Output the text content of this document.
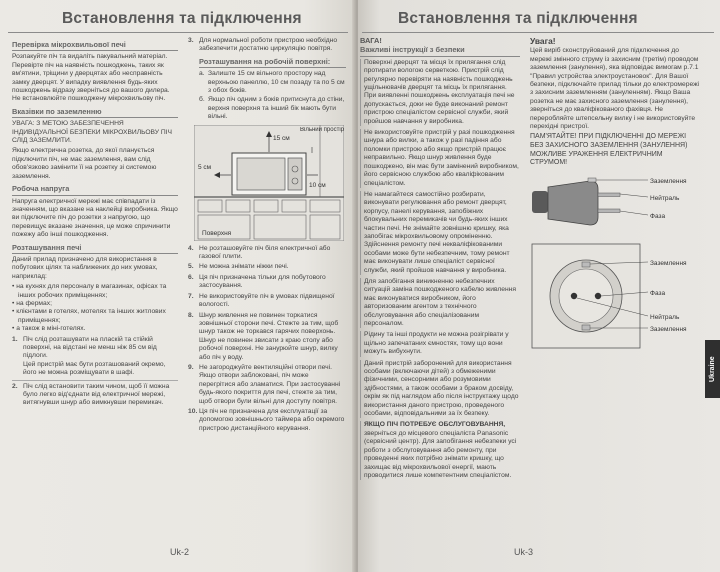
Встановлення та підключення
Перевірка мікрохвильової печі
Розпакуйте піч та видаліть пакувальний матеріал. Перевірте піч на наявність пошкоджень, таких як вм'ятини, тріщини у дверцятах або несправність замку дверцят. У випадку виявлення будь-яких пошкоджень відразу зверніться до вашого дилера. Не встановлюйте пошкоджену мікрохвильову піч.
Вказівки по заземленню
УВАГА: З МЕТОЮ ЗАБЕЗПЕЧЕННЯ ІНДИВІДУАЛЬНОЇ БЕЗПЕКИ МІКРОХВИЛЬОВУ ПІЧ СЛІД ЗАЗЕМЛИТИ.
Якщо електрична розетка, до якої планується підключити піч, не має заземлення, вам слід обов'язково замінити її на розетку зі системою заземлення.
Робоча напруга
Напруга електричної мережі має співпадати із значенням, що вказане на наклейці виробника. Якщо ви підключите піч до розетки з напругою, що перевищує вказане значення, це може спричинити пожежу або інші пошкодження.
Розташування печі
Даний прилад призначено для використання в побутових цілях та наближених до них умовах, наприклад:
• на кухнях для персоналу в магазинах, офісах та інших робочих приміщеннях;
• на фермах;
• клієнтами в готелях, мотелях та інших житлових приміщеннях;
• а також в міні-готелях.
1. Піч слід розташувати на пласкій та стійкій поверхні, на відстані не менш ніж 85 см від підлоги.
Цей пристрій має бути розташований окремо, його не можна розміщувати в шафі.
2. Піч слід встановити таким чином, щоб її можна було легко від'єднати від електричної мережі, витягнувши шнур або вимкнувши перемикач.
3. Для нормальної роботи пристрою необхідно забезпечити достатню циркуляцію повітря.
Розташування на робочій поверхні:
а. Залиште 15 см вільного простору над верхньою панеллю, 10 см позаду та по 5 см з обох боків.
б. Якщо піч одним з боків притиснута до стіни, верхня поверхня та інший бік мають бути вільні.
15 см
5 см
10 см
Вільний простір
Поверхня
4. Не розташовуйте піч біля електричної або газової плити.
5. Не можна знімати ніжки печі.
6. Ця піч призначена тільки для побутового застосування.
7. Не використовуйте піч в умовах підвищеної вологості.
8. Шнур живлення не повинен торкатися зовнішньої сторони печі. Стежте за тим, щоб шнур також не торкався гарячих поверхонь. Шнур не повинен звисати з краю столу або робочої поверхні. Не занурюйте шнур, вилку або піч у воду.
9. Не загороджуйте вентиляційні отвори печі. Якщо отвори заблоковані, піч може перегрітися або зламатися. При застосуванні будь-якого покриття для печі, стежте за тим, щоб отвори були вільні для доступу повітря.
10. Ця піч не призначена для експлуатації за допомогою зовнішнього таймера або окремого пристрою дистанційного керування.
Uk-2
Встановлення та підключення
ВАГА!
Важливі інструкції з безпеки
Поверхні дверцят та місця їх прилягання слід протирати вологою серветкою. Пристрій слід регулярно перевіряти на наявність пошкоджень ущільнювачів дверцят та місць їх прилягання. При виявленні пошкоджень експлуатація печі не допускається, доки не буде виконаний ремонт пристрою спеціалістом сервісної служби, який пройшов навчання у виробника.
Не використовуйте пристрій у разі пошкодження шнура або вилки, а також у разі падіння або поломки пристрою або якщо пристрій працює неправильно. Якщо шнур живлення буде пошкоджено, він має бути замінений виробником, його сервісною службою або кваліфікованим спеціалістом.
Не намагайтеся самостійно розбирати, виконувати регулювання або ремонт дверцят, корпусу, панелі керування, запобіжних блокувальних перемикачів чи будь-яких інших частин печі. Не знімайте зовнішню кришку, яка запобігає мікрохвильовому опроміненню. Здійснення ремонту печі некваліфікованими особами може бути небезпечним, тому ремонт має виконувати лише спеціаліст сервісної служби, який пройшов навчання у виробника.
Для запобігання виникненню небезпечних ситуацій заміна пошкодженого кабелю живлення має виконуватися виробником, його авторизованим агентом з технічного обслуговування або спеціалізованим персоналом.
Рідину та інші продукти не можна розігрівати у щільно запечатаних ємностях, тому що вони можуть вибухнути.
Даний пристрій заборонений для використання особами (включаючи дітей) з обмеженими фізичними, сенсорними або розумовими здібностями, а також особами з браком досвіду, окрім як під наглядом або після інструктажу щодо використання даного пристрою, проведеного особами, відповідальними за їх безпеку.
ЯКЩО ПІЧ ПОТРЕБУЄ ОБСЛУГОВУВАННЯ, зверніться до місцевого спеціаліста Panasonic (сервісний центр). Для запобігання небезпеки усі роботи з обслуговування або ремонту, при проведенні яких потрібно знімати кришку, що захищає від мікрохвильової енергії, мають проводитися лише компетентним спеціалістом.
Увага!
Цей виріб сконструйований для підключення до мережі змінного струму із захисним (третім) проводом заземлення (занулення), яка відповідає вимогам р.7.1 "Правил устройства электроустановок". Для Вашої безпеки, підключайте прилад тільки до електромережі з захисним заземленням (зануленням). Якщо Ваша розетка не має захисного заземлення (занулення), зверніться до кваліфікованого фахівця. Не переробляйте штепсельну вилку і не використовуйте перехідні пристрої.
ПАМ'ЯТАЙТЕ! ПРИ ПІДКЛЮЧЕННІ ДО МЕРЕЖІ БЕЗ ЗАХИСНОГО ЗАЗЕМЛЕННЯ (ЗАНУЛЕННЯ) МОЖЛИВЕ УРАЖЕННЯ ЕЛЕКТРИЧНИМ СТРУМОМ!
Заземлення
Нейтраль
Фаза
Заземлення
Фаза
Нейтраль
Заземлення
Ukraine
Uk-3
